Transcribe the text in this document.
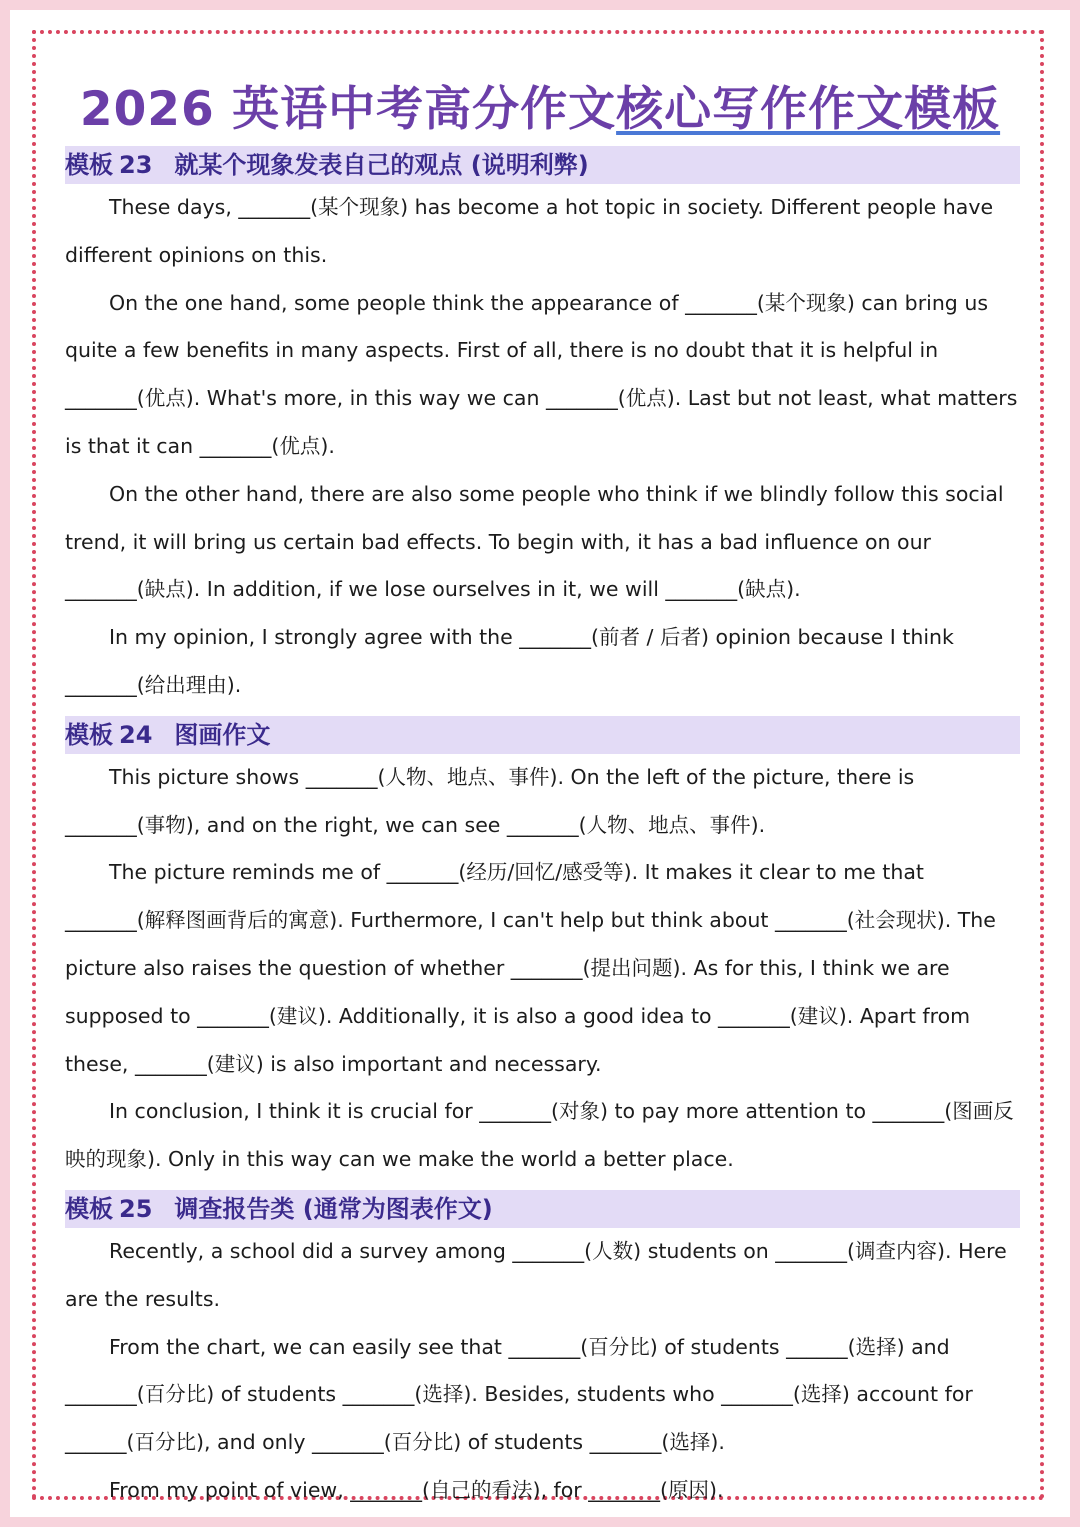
2026 英语中考高分作文核心写作作文模板
模板 23 就某个现象发表自己的观点 (说明利弊)

These days, _______(某个现象) has become a hot topic in society. Different people have different opinions on this.

On the one hand, some people think the appearance of _______(某个现象) can bring us quite a few benefits in many aspects. First of all, there is no doubt that it is helpful in _______(优点). What's more, in this way we can _______(优点). Last but not least, what matters is that it can _______(优点).

On the other hand, there are also some people who think if we blindly follow this social trend, it will bring us certain bad effects. To begin with, it has a bad influence on our _______(缺点). In addition, if we lose ourselves in it, we will _______(缺点).

In my opinion, I strongly agree with the _______(前者 / 后者) opinion because I think _______(给出理由).

模板 24 图画作文

This picture shows _______(人物、地点、事件). On the left of the picture, there is _______(事物), and on the right, we can see _______(人物、地点、事件).

The picture reminds me of _______(经历/回忆/感受等). It makes it clear to me that _______(解释图画背后的寓意). Furthermore, I can't help but think about _______(社会现状). The picture also raises the question of whether _______(提出问题). As for this, I think we are supposed to _______(建议). Additionally, it is also a good idea to _______(建议). Apart from these, _______(建议) is also important and necessary.

In conclusion, I think it is crucial for _______(对象) to pay more attention to _______(图画反映的现象). Only in this way can we make the world a better place.

模板 25 调查报告类 (通常为图表作文)

Recently, a school did a survey among _______(人数) students on _______(调查内容). Here are the results.

From the chart, we can easily see that _______(百分比) of students ______(选择) and _______(百分比) of students _______(选择). Besides, students who _______(选择) account for ______(百分比), and only _______(百分比) of students _______(选择).

From my point of view, _______(自己的看法), for _______(原因).
